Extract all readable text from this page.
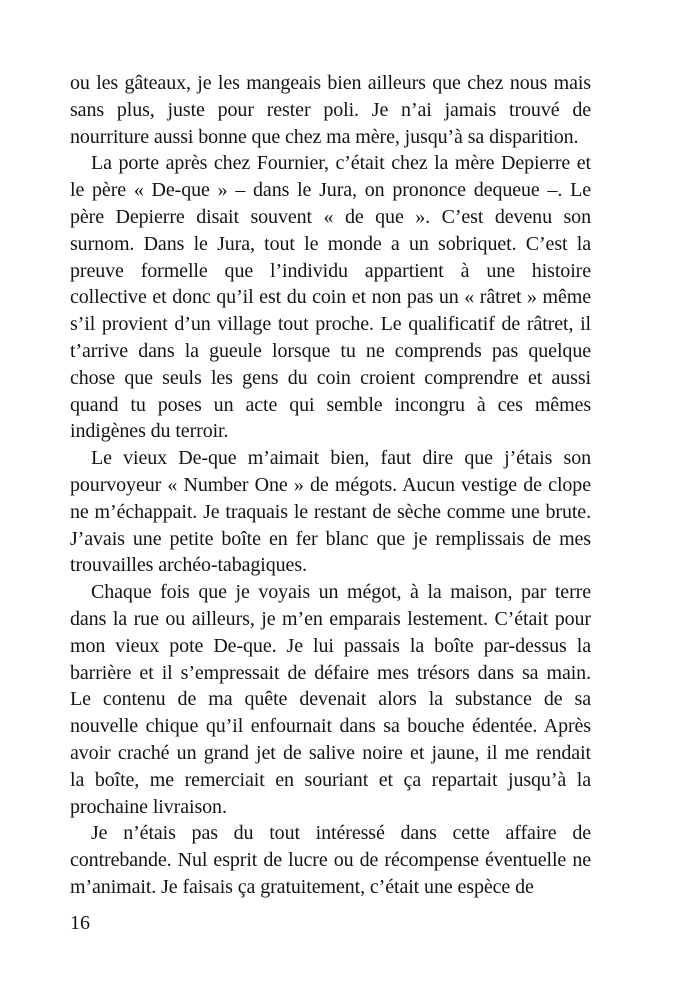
ou les gâteaux, je les mangeais bien ailleurs que chez nous mais
sans plus, juste pour rester poli. Je n’ai jamais trouvé de
nourriture aussi bonne que chez ma mère, jusqu’à sa disparition.
La porte après chez Fournier, c’était chez la mère Depierre et
le père « De-que » – dans le Jura, on prononce dequeue –. Le
père Depierre disait souvent « de que ». C’est devenu son
surnom. Dans le Jura, tout le monde a un sobriquet. C’est la
preuve formelle que l’individu appartient à une histoire
collective et donc qu’il est du coin et non pas un « râtret » même
s’il provient d’un village tout proche. Le qualificatif de râtret, il
t’arrive dans la gueule lorsque tu ne comprends pas quelque
chose que seuls les gens du coin croient comprendre et aussi
quand tu poses un acte qui semble incongru à ces mêmes
indigènes du terroir.
Le vieux De-que m’aimait bien, faut dire que j’étais son
pourvoyeur « Number One » de mégots. Aucun vestige de clope
ne m’échappait. Je traquais le restant de sèche comme une brute.
J’avais une petite boîte en fer blanc que je remplissais de mes
trouvailles archéo-tabagiques.
Chaque fois que je voyais un mégot, à la maison, par terre
dans la rue ou ailleurs, je m’en emparais lestement. C’était pour
mon vieux pote De-que. Je lui passais la boîte par-dessus la
barrière et il s’empressait de défaire mes trésors dans sa main.
Le contenu de ma quête devenait alors la substance de sa
nouvelle chique qu’il enfournait dans sa bouche édentée. Après
avoir craché un grand jet de salive noire et jaune, il me rendait
la boîte, me remerciait en souriant et ça repartait jusqu’à la
prochaine livraison.
Je n’étais pas du tout intéressé dans cette affaire de
contrebande. Nul esprit de lucre ou de récompense éventuelle ne
m’animait. Je faisais ça gratuitement, c’était une espèce de
16
